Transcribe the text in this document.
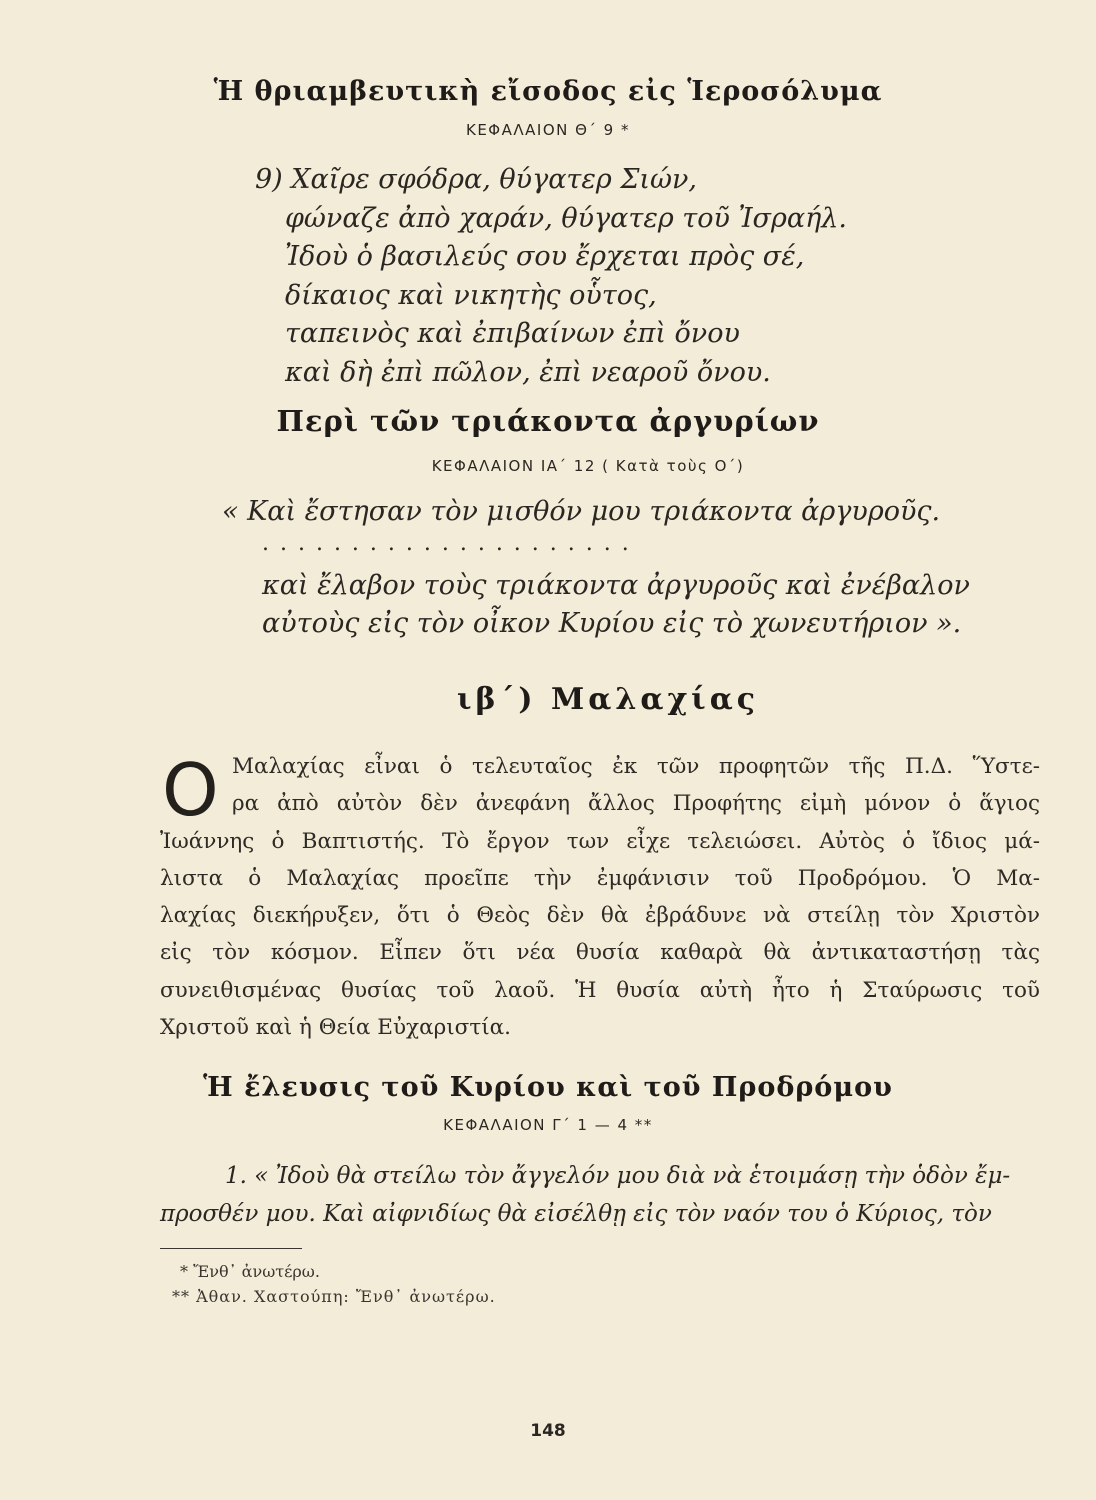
Ἡ θριαμβευτικὴ εἴσοδος εἰς Ἱεροσόλυμα
ΚΕΦΑΛΑΙΟΝ Θ΄ 9 *
9) Χαῖρε σφόδρα, θύγατερ Σιών,
φώναζε ἀπὸ χαράν, θύγατερ τοῦ Ἰσραήλ.
Ἰδοὺ ὁ βασιλεύς σου ἔρχεται πρὸς σέ,
δίκαιος καὶ νικητὴς οὗτος,
ταπεινὸς καὶ ἐπιβαίνων ἐπὶ ὄνου
καὶ δὴ ἐπὶ πῶλον, ἐπὶ νεαροῦ ὄνου.
Περὶ τῶν τριάκοντα ἀργυρίων
ΚΕΦΑΛΑΙΟΝ ΙΑ΄ 12 ( Κατὰ τοὺς Ο΄)
« Καὶ ἔστησαν τὸν μισθόν μου τριάκοντα ἀργυροῦς.
. . . . . . . . . . . . . . . . . . . . .
καὶ ἔλαβον τοὺς τριάκοντα ἀργυροῦς καὶ ἐνέβαλον
αὐτοὺς εἰς τὸν οἶκον Κυρίου εἰς τὸ χωνευτήριον ».
ιβ΄) Μαλαχίας
Ο Μαλαχίας εἶναι ὁ τελευταῖος ἐκ τῶν προφητῶν τῆς Π.Δ. Ὕστε-
ρα ἀπὸ αὐτὸν δὲν ἀνεφάνη ἄλλος Προφήτης εἰμὴ μόνον ὁ ἅγιος
Ἰωάννης ὁ Βαπτιστής. Τὸ ἔργον των εἶχε τελειώσει. Αὐτὸς ὁ ἴδιος μά-
λιστα ὁ Μαλαχίας προεῖπε τὴν ἐμφάνισιν τοῦ Προδρόμου. Ὁ Μα-
λαχίας διεκήρυξεν, ὅτι ὁ Θεὸς δὲν θὰ ἐβράδυνε νὰ στείλῃ τὸν Χριστὸν
εἰς τὸν κόσμον. Εἶπεν ὅτι νέα θυσία καθαρὰ θὰ ἀντικαταστήσῃ τὰς
συνειθισμένας θυσίας τοῦ λαοῦ. Ἡ θυσία αὐτὴ ἦτο ἡ Σταύρωσις τοῦ
Χριστοῦ καὶ ἡ Θεία Εὐχαριστία.
Ἡ ἔλευσις τοῦ Κυρίου καὶ τοῦ Προδρόμου
ΚΕΦΑΛΑΙΟΝ Γ΄ 1 — 4 **
1. « Ἰδοὺ θὰ στείλω τὸν ἄγγελόν μου διὰ νὰ ἑτοιμάσῃ τὴν ὁδὸν ἔμ-
προσθέν μου. Καὶ αἰφνιδίως θὰ εἰσέλθῃ εἰς τὸν ναόν του ὁ Κύριος, τὸν
* Ἔνθ᾽ ἀνωτέρω.
** Ἀθαν. Χαστούπη: Ἔνθ᾽ ἀνωτέρω.
148
